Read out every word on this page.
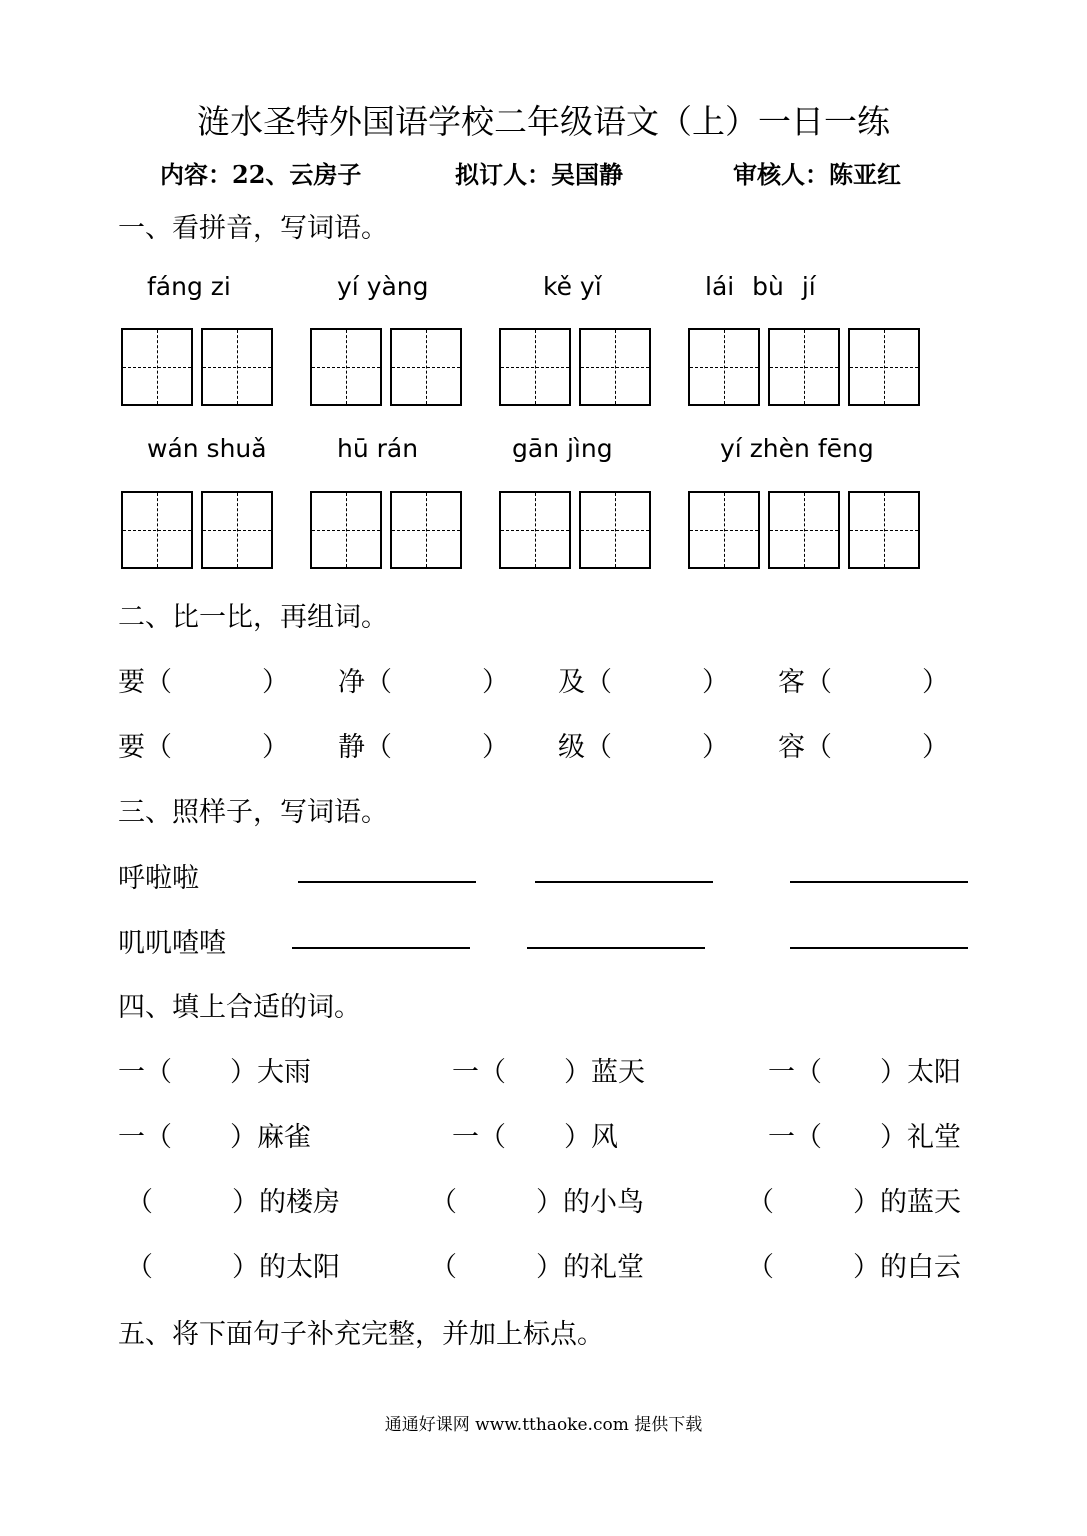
涟水圣特外国语学校二年级语文（上）一日一练
内容：22、云房子	拟订人：吴国静	审核人：陈亚红
一、看拼音，写词语。
fáng zi	yí yàng	kě yǐ	lái bù jí
wán shuǎ	hū rán	gān jìng	yí zhèn fēng
二、比一比，再组词。
要（	） 净（	） 及（	） 客（	）
要（	） 静（	） 级（	） 容（	）
三、照样子，写词语。
呼啦啦
叽叽喳喳
四、填上合适的词。
一（ ）大雨	一（ ）蓝天	一（ ）太阳
一（ ）麻雀	一（ ）风	一（ ）礼堂
（	）的楼房	（	）的小鸟	（	）的蓝天
（	）的太阳	（	）的礼堂	（	）的白云
五、将下面句子补充完整，并加上标点。
通通好课网 www.tthaoke.com 提供下载
